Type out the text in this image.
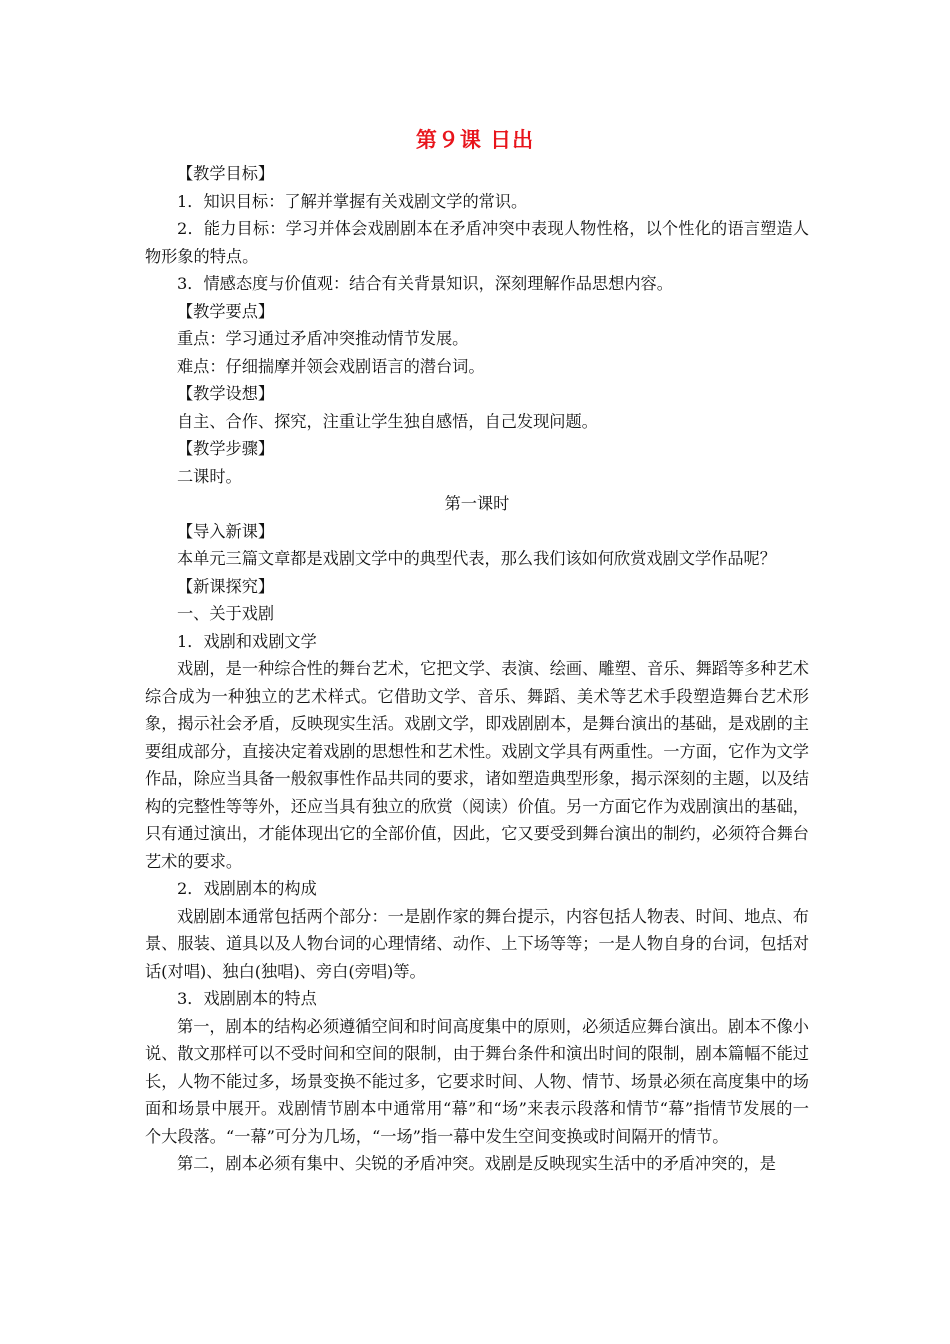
第９课 日出

【教学目标】

1．知识目标：了解并掌握有关戏剧文学的常识。

2．能力目标：学习并体会戏剧剧本在矛盾冲突中表现人物性格，以个性化的语言塑造人物形象的特点。

3．情感态度与价值观：结合有关背景知识，深刻理解作品思想内容。

【教学要点】

重点：学习通过矛盾冲突推动情节发展。

难点：仔细揣摩并领会戏剧语言的潜台词。

【教学设想】

自主、合作、探究，注重让学生独自感悟，自己发现问题。

【教学步骤】

二课时。

第一课时

【导入新课】

本单元三篇文章都是戏剧文学中的典型代表，那么我们该如何欣赏戏剧文学作品呢？

【新课探究】

一、关于戏剧

1．戏剧和戏剧文学

戏剧，是一种综合性的舞台艺术，它把文学、表演、绘画、雕塑、音乐、舞蹈等多种艺术综合成为一种独立的艺术样式。它借助文学、音乐、舞蹈、美术等艺术手段塑造舞台艺术形象，揭示社会矛盾，反映现实生活。戏剧文学，即戏剧剧本，是舞台演出的基础，是戏剧的主要组成部分，直接决定着戏剧的思想性和艺术性。戏剧文学具有两重性。一方面，它作为文学作品，除应当具备一般叙事性作品共同的要求，诸如塑造典型形象，揭示深刻的主题，以及结构的完整性等等外，还应当具有独立的欣赏（阅读）价值。另一方面它作为戏剧演出的基础，只有通过演出，才能体现出它的全部价值，因此，它又要受到舞台演出的制约，必须符合舞台艺术的要求。

2．戏剧剧本的构成

戏剧剧本通常包括两个部分：一是剧作家的舞台提示，内容包括人物表、时间、地点、布景、服装、道具以及人物台词的心理情绪、动作、上下场等等；一是人物自身的台词，包括对话(对唱)、独白(独唱)、旁白(旁唱)等。

3．戏剧剧本的特点

第一，剧本的结构必须遵循空间和时间高度集中的原则，必须适应舞台演出。剧本不像小说、散文那样可以不受时间和空间的限制，由于舞台条件和演出时间的限制，剧本篇幅不能过长，人物不能过多，场景变换不能过多，它要求时间、人物、情节、场景必须在高度集中的场面和场景中展开。戏剧情节剧本中通常用“幕”和“场”来表示段落和情节“幕”指情节发展的一个大段落。“一幕”可分为几场，“一场”指一幕中发生空间变换或时间隔开的情节。

第二，剧本必须有集中、尖锐的矛盾冲突。戏剧是反映现实生活中的矛盾冲突的，是
